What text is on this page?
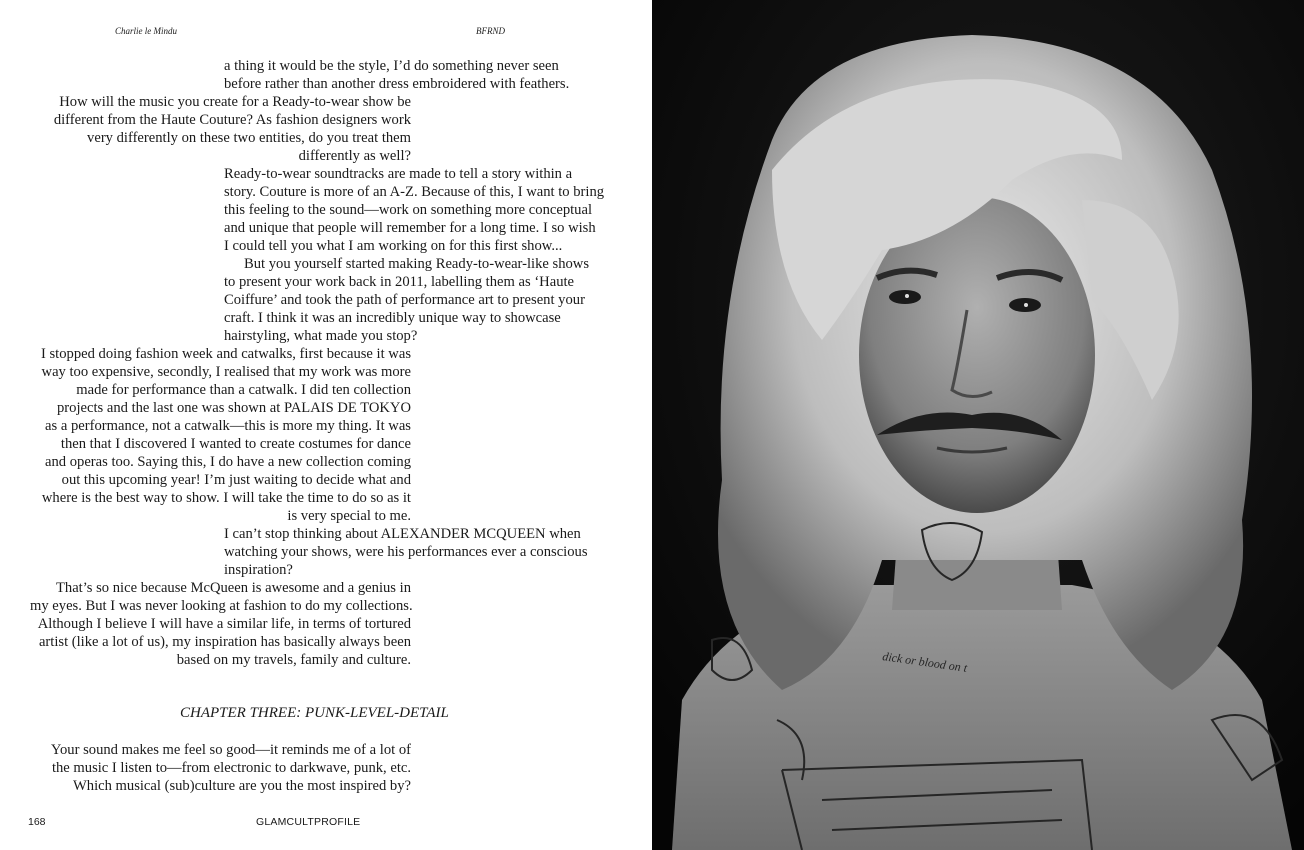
Charlie le Mindu	BFRND
a thing it would be the style, I’d do something never seen
before rather than another dress embroidered with feathers.
How will the music you create for a Ready-to-wear show be
different from the Haute Couture? As fashion designers work
very differently on these two entities, do you treat them
differently as well?
Ready-to-wear soundtracks are made to tell a story within a
story. Couture is more of an A-Z. Because of this, I want to bring
this feeling to the sound—work on something more conceptual
and unique that people will remember for a long time. I so wish
I could tell you what I am working on for this first show...
But you yourself started making Ready-to-wear-like shows
to present your work back in 2011, labelling them as ‘Haute
Coiffure’ and took the path of performance art to present your
craft. I think it was an incredibly unique way to showcase
hairstyling, what made you stop?
I stopped doing fashion week and catwalks, first because it was
way too expensive, secondly, I realised that my work was more
made for performance than a catwalk. I did ten collection
projects and the last one was shown at PALAIS DE TOKYO
as a performance, not a catwalk—this is more my thing. It was
then that I discovered I wanted to create costumes for dance
and operas too. Saying this, I do have a new collection coming
out this upcoming year! I’m just waiting to decide what and
where is the best way to show. I will take the time to do so as it
is very special to me.
I can’t stop thinking about ALEXANDER MCQUEEN when
watching your shows, were his performances ever a conscious
inspiration?
That’s so nice because McQueen is awesome and a genius in
my eyes. But I was never looking at fashion to do my collections.
Although I believe I will have a similar life, in terms of tortured
artist (like a lot of us), my inspiration has basically always been
based on my travels, family and culture.
CHAPTER THREE: PUNK-LEVEL-DETAIL
Your sound makes me feel so good—it reminds me of a lot of
the music I listen to—from electronic to darkwave, punk, etc.
Which musical (sub)culture are you the most inspired by?
168	GLAMCULTPROFILE
dick or blood on t
